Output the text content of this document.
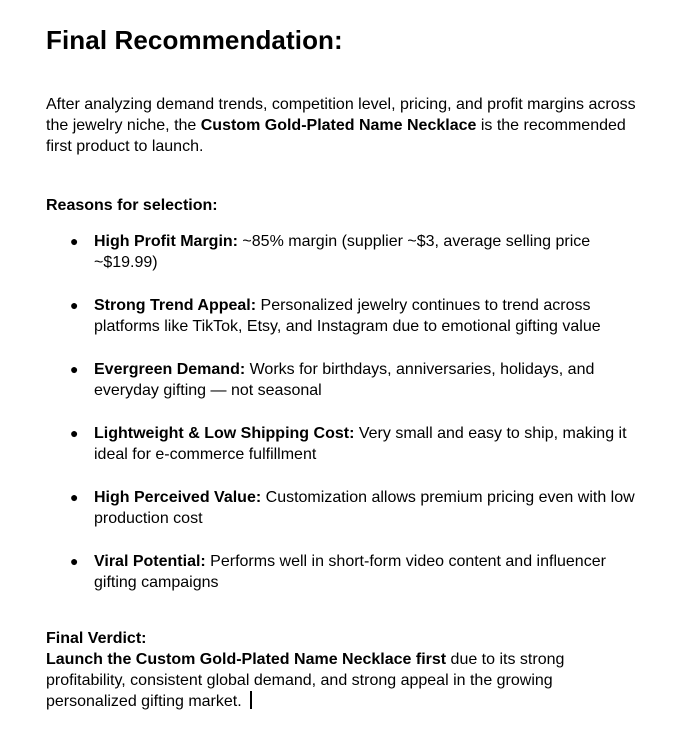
Final Recommendation:

After analyzing demand trends, competition level, pricing, and profit margins across the jewelry niche, the Custom Gold-Plated Name Necklace is the recommended first product to launch.

Reasons for selection:

● High Profit Margin: ~85% margin (supplier ~$3, average selling price ~$19.99)
● Strong Trend Appeal: Personalized jewelry continues to trend across platforms like TikTok, Etsy, and Instagram due to emotional gifting value
● Evergreen Demand: Works for birthdays, anniversaries, holidays, and everyday gifting — not seasonal
● Lightweight & Low Shipping Cost: Very small and easy to ship, making it ideal for e-commerce fulfillment
● High Perceived Value: Customization allows premium pricing even with low production cost
● Viral Potential: Performs well in short-form video content and influencer gifting campaigns

Final Verdict:
Launch the Custom Gold-Plated Name Necklace first due to its strong profitability, consistent global demand, and strong appeal in the growing personalized gifting market.
